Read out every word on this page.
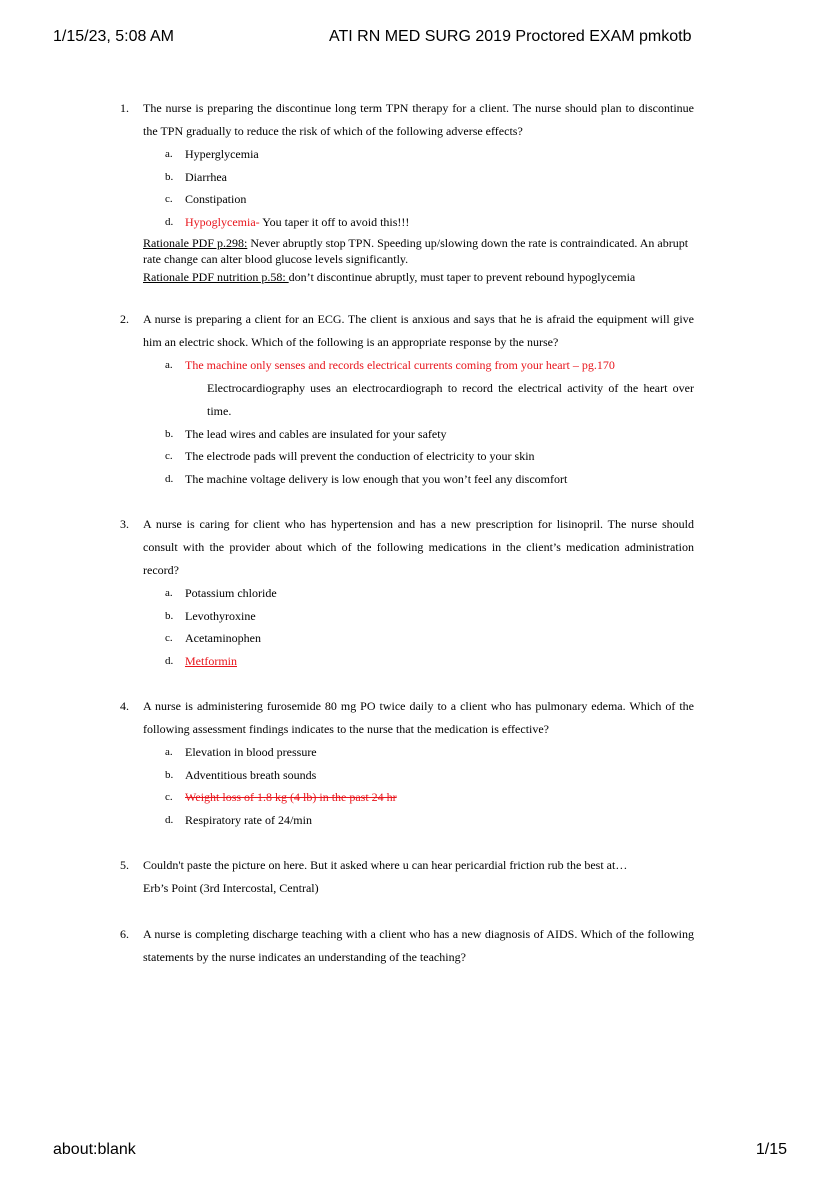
1/15/23, 5:08 AM	ATI RN MED SURG 2019 Proctored EXAM pmkotb
1.	The nurse is preparing the discontinue long term TPN therapy for a client. The nurse should plan to discontinue the TPN gradually to reduce the risk of which of the following adverse effects?
a.	Hyperglycemia
b. Diarrhea
c.	Constipation
d. Hypoglycemia- You taper it off to avoid this!!!
Rationale PDF p.298: Never abruptly stop TPN. Speeding up/slowing down the rate is contraindicated. An abrupt rate change can alter blood glucose levels significantly.
Rationale PDF nutrition p.58: don’t discontinue abruptly, must taper to prevent rebound hypoglycemia
2.	A nurse is preparing a client for an ECG. The client is anxious and says that he is afraid the equipment will give him an electric shock. Which of the following is an appropriate response by the nurse?
a.	The machine only senses and records electrical currents coming from your heart – pg.170
Electrocardiography uses an electrocardiograph to record the electrical activity of the heart over time.
b. The lead wires and cables are insulated for your safety
c.	The electrode pads will prevent the conduction of electricity to your skin
d. The machine voltage delivery is low enough that you won’t feel any discomfort
3.	A nurse is caring for client who has hypertension and has a new prescription for lisinopril. The nurse should consult with the provider about which of the following medications in the client’s medication administration record?
a.	Potassium chloride
b. Levothyroxine
c.	Acetaminophen
d. Metformin
4.	A nurse is administering furosemide 80 mg PO twice daily to a client who has pulmonary edema. Which of the following assessment findings indicates to the nurse that the medication is effective?
a.	Elevation in blood pressure
b. Adventitious breath sounds
c.	Weight loss of 1.8 kg (4 lb) in the past 24 hr
d. Respiratory rate of 24/min
5.	Couldn't paste the picture on here. But it asked where u can hear pericardial friction rub the best at…
Erb’s Point (3rd Intercostal, Central)
6.	A nurse is completing discharge teaching with a client who has a new diagnosis of AIDS. Which of the following statements by the nurse indicates an understanding of the teaching?
about:blank	1/15
